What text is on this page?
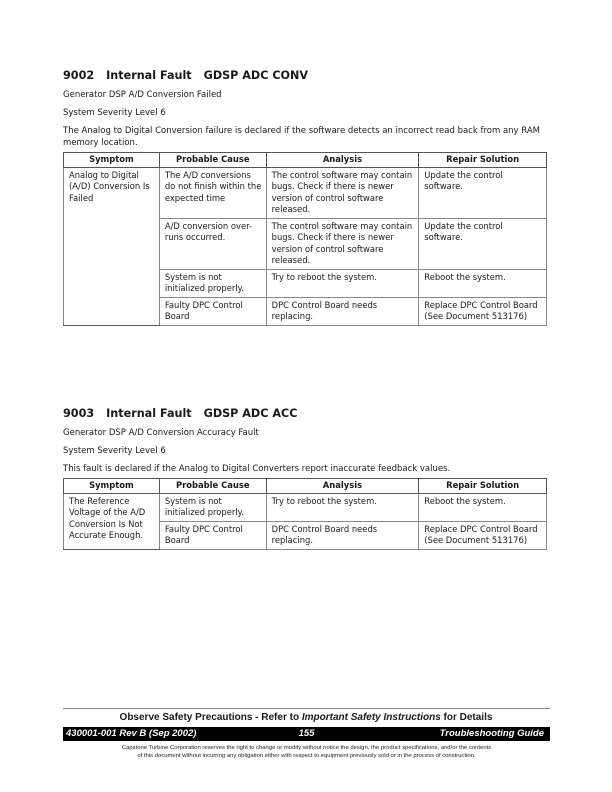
9002 Internal Fault GDSP ADC CONV
Generator DSP A/D Conversion Failed
System Severity Level 6
The Analog to Digital Conversion failure is declared if the software detects an incorrect read back from any RAM memory location.
Symptom	Probable Cause	Analysis	Repair Solution
Analog to Digital (A/D) Conversion Is Failed	The A/D conversions do not finish within the expected time	The control software may contain bugs. Check if there is newer version of control software released.	Update the control software.
	A/D conversion over-runs occurred.	The control software may contain bugs. Check if there is newer version of control software released.	Update the control software.
	System is not initialized properly.	Try to reboot the system.	Reboot the system.
	Faulty DPC Control Board	DPC Control Board needs replacing.	Replace DPC Control Board (See Document 513176)
9003 Internal Fault GDSP ADC ACC
Generator DSP A/D Conversion Accuracy Fault
System Severity Level 6
This fault is declared if the Analog to Digital Converters report inaccurate feedback values.
Symptom	Probable Cause	Analysis	Repair Solution
The Reference Voltage of the A/D Conversion Is Not Accurate Enough.	System is not initialized properly.	Try to reboot the system.	Reboot the system.
	Faulty DPC Control Board	DPC Control Board needs replacing.	Replace DPC Control Board (See Document 513176)
Observe Safety Precautions - Refer to Important Safety Instructions for Details
155
430001-001 Rev B (Sep 2002)	Troubleshooting Guide
Capstone Turbine Corporation reserves the right to change or modify without notice the design, the product specifications, and/or the contents
of this document without incurring any obligation either with respect to equipment previously sold or in the process of construction.
